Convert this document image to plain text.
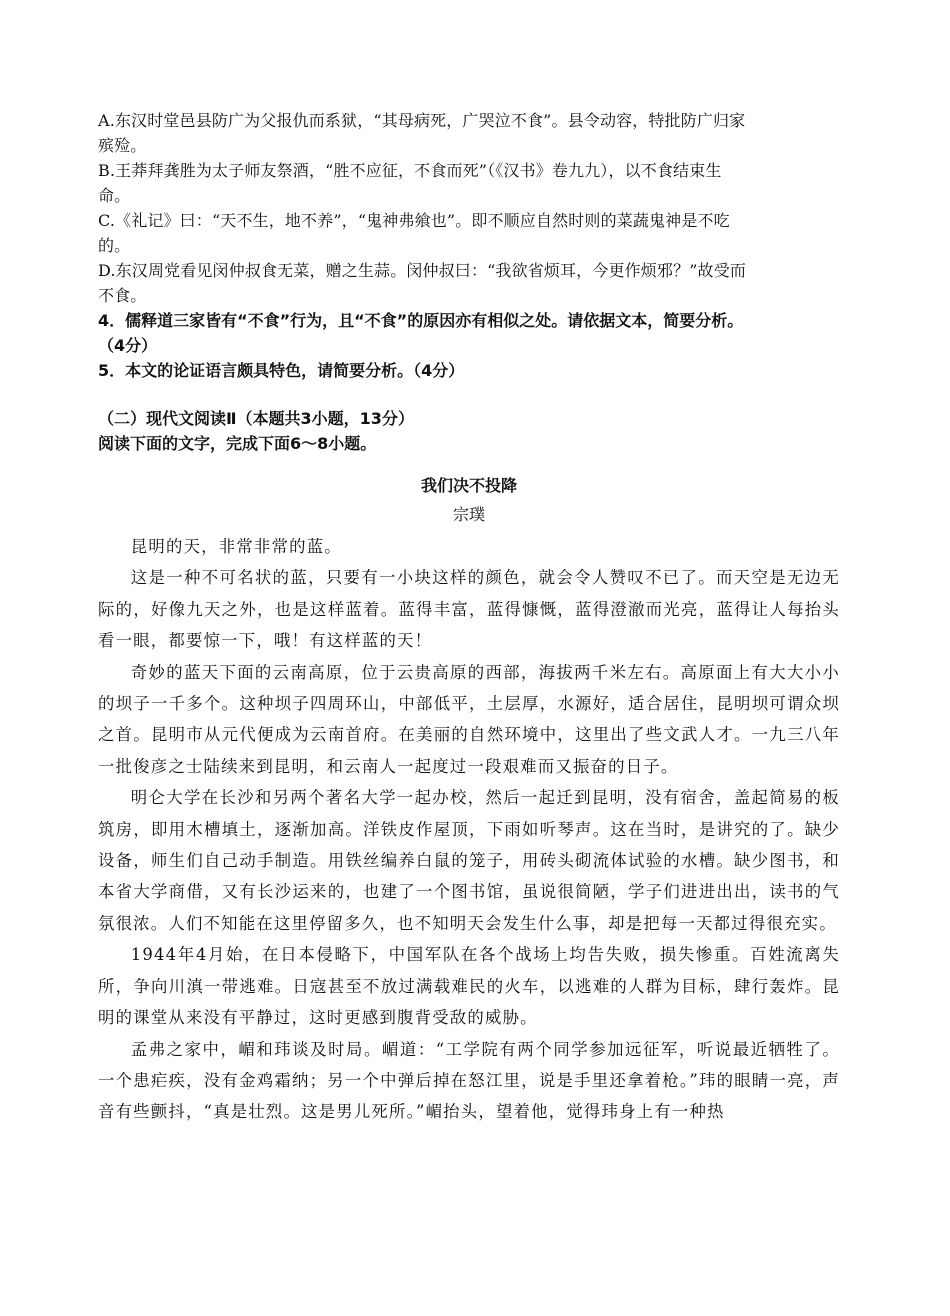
A.东汉时堂邑县防广为父报仇而系狱，“其母病死，广哭泣不食”。县令动容，特批防广归家
殡殓。
B.王莽拜龚胜为太子师友祭酒，“胜不应征，不食而死”（《汉书》卷九九），以不食结束生
命。
C.《礼记》曰：“天不生，地不养”，“鬼神弗飨也”。即不顺应自然时则的菜蔬鬼神是不吃
的。
D.东汉周党看见闵仲叔食无菜，赠之生蒜。闵仲叔曰：“我欲省烦耳，今更作烦邪？”故受而
不食。
4．儒释道三家皆有“不食”行为，且“不食”的原因亦有相似之处。请依据文本，简要分析。
（4分）
5．本文的论证语言颇具特色，请简要分析。（4分）
（二）现代文阅读Ⅱ（本题共3小题，13分）
阅读下面的文字，完成下面6～8小题。
我们决不投降
宗璞

昆明的天，非常非常的蓝。

这是一种不可名状的蓝，只要有一小块这样的颜色，就会令人赞叹不已了。而天空是无边无际的，好像九天之外，也是这样蓝着。蓝得丰富，蓝得慷慨，蓝得澄澈而光亮，蓝得让人每抬头看一眼，都要惊一下，哦！有这样蓝的天！

奇妙的蓝天下面的云南高原，位于云贵高原的西部，海拔两千米左右。高原面上有大大小小的坝子一千多个。这种坝子四周环山，中部低平，土层厚，水源好，适合居住，昆明坝可谓众坝之首。昆明市从元代便成为云南首府。在美丽的自然环境中，这里出了些文武人才。一九三八年一批俊彦之士陆续来到昆明，和云南人一起度过一段艰难而又振奋的日子。

明仑大学在长沙和另两个著名大学一起办校，然后一起迁到昆明，没有宿舍，盖起简易的板筑房，即用木槽填土，逐渐加高。洋铁皮作屋顶，下雨如听琴声。这在当时，是讲究的了。缺少设备，师生们自己动手制造。用铁丝编养白鼠的笼子，用砖头砌流体试验的水槽。缺少图书，和本省大学商借，又有长沙运来的，也建了一个图书馆，虽说很简陋，学子们进进出出，读书的气氛很浓。人们不知能在这里停留多久，也不知明天会发生什么事，却是把每一天都过得很充实。

1944年4月始，在日本侵略下，中国军队在各个战场上均告失败，损失惨重。百姓流离失所，争向川滇一带逃难。日寇甚至不放过满载难民的火车，以逃难的人群为目标，肆行轰炸。昆明的课堂从来没有平静过，这时更感到腹背受敌的威胁。

孟弗之家中，嵋和玮谈及时局。嵋道：“工学院有两个同学参加远征军，听说最近牺牲了。一个患疟疾，没有金鸡霜纳；另一个中弹后掉在怒江里，说是手里还拿着枪。”玮的眼睛一亮，声音有些颤抖，“真是壮烈。这是男儿死所。”嵋抬头，望着他，觉得玮身上有一种热
